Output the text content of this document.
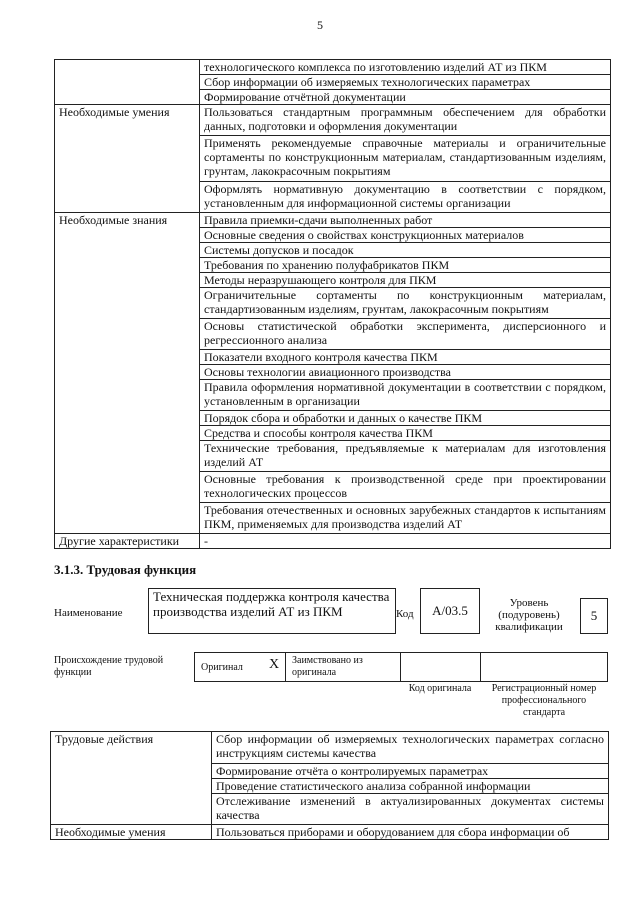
5
	технологического комплекса по изготовлению изделий АТ из ПКМ
	Сбор информации об измеряемых технологических параметрах
	Формирование отчётной документации
Необходимые умения	Пользоваться стандартным программным обеспечением для обработки данных, подготовки и оформления документации
	Применять рекомендуемые справочные материалы и ограничительные сортаменты по конструкционным материалам, стандартизованным изделиям, грунтам, лакокрасочным покрытиям
	Оформлять нормативную документацию в соответствии с порядком, установленным для информационной системы организации
Необходимые знания	Правила приемки-сдачи выполненных работ
	Основные сведения о свойствах конструкционных материалов
	Системы допусков и посадок
	Требования по хранению полуфабрикатов ПКМ
	Методы неразрушающего контроля для ПКМ
	Ограничительные сортаменты по конструкционным материалам, стандартизованным изделиям, грунтам, лакокрасочным покрытиям
	Основы статистической обработки эксперимента, дисперсионного и регрессионного анализа
	Показатели входного контроля качества ПКМ
	Основы технологии авиационного производства
	Правила оформления нормативной документации в соответствии с порядком, установленным в организации
	Порядок сбора и обработки и данных о качестве ПКМ
	Средства и способы контроля качества ПКМ
	Технические требования, предъявляемые к материалам для изготовления изделий АТ
	Основные требования к производственной среде при проектировании технологических процессов
	Требования отечественных и основных зарубежных стандартов к испытаниям ПКМ, применяемых для производства изделий АТ
Другие характеристики	-
3.1.3. Трудовая функция
Наименование
Техническая поддержка контроля качества производства изделий АТ из ПКМ	Код	А/03.5	Уровень (подуровень) квалификации
5
Происхождение трудовой функции	Оригинал X Заимствовано из оригинала
Код оригинала	Регистрационный номер профессионального стандарта
Трудовые действия	Сбор информации об измеряемых технологических параметрах согласно инструкциям системы качества
	Формирование отчёта о контролируемых параметрах
	Проведение статистического анализа собранной информации
	Отслеживание изменений в актуализированных документах системы качества
Необходимые умения	Пользоваться приборами и оборудованием для сбора информации об
